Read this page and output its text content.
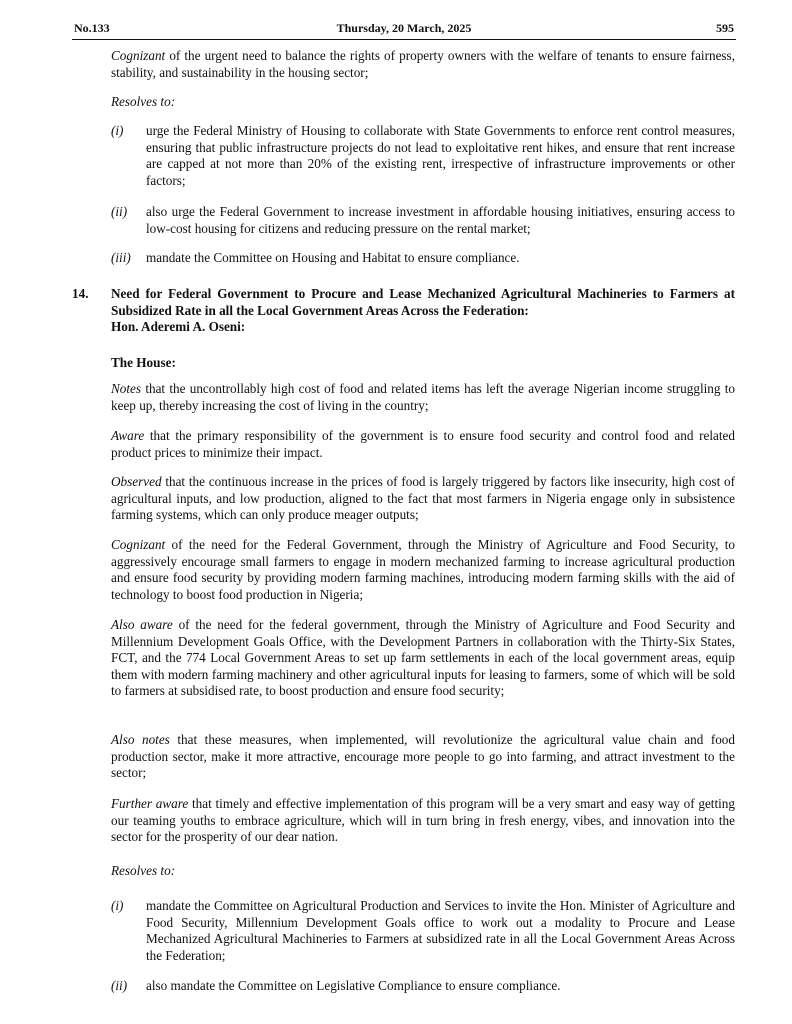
No.133	Thursday, 20 March, 2025	595
Cognizant of the urgent need to balance the rights of property owners with the welfare of tenants to ensure fairness, stability, and sustainability in the housing sector;
Resolves to:
(i) urge the Federal Ministry of Housing to collaborate with State Governments to enforce rent control measures, ensuring that public infrastructure projects do not lead to exploitative rent hikes, and ensure that rent increase are capped at not more than 20% of the existing rent, irrespective of infrastructure improvements or other factors;
(ii) also urge the Federal Government to increase investment in affordable housing initiatives, ensuring access to low-cost housing for citizens and reducing pressure on the rental market;
(iii) mandate the Committee on Housing and Habitat to ensure compliance.
14. Need for Federal Government to Procure and Lease Mechanized Agricultural Machineries to Farmers at Subsidized Rate in all the Local Government Areas Across the Federation:
Hon. Aderemi A. Oseni:
The House:
Notes that the uncontrollably high cost of food and related items has left the average Nigerian income struggling to keep up, thereby increasing the cost of living in the country;
Aware that the primary responsibility of the government is to ensure food security and control food and related product prices to minimize their impact.
Observed that the continuous increase in the prices of food is largely triggered by factors like insecurity, high cost of agricultural inputs, and low production, aligned to the fact that most farmers in Nigeria engage only in subsistence farming systems, which can only produce meager outputs;
Cognizant of the need for the Federal Government, through the Ministry of Agriculture and Food Security, to aggressively encourage small farmers to engage in modern mechanized farming to increase agricultural production and ensure food security by providing modern farming machines, introducing modern farming skills with the aid of technology to boost food production in Nigeria;
Also aware of the need for the federal government, through the Ministry of Agriculture and Food Security and Millennium Development Goals Office, with the Development Partners in collaboration with the Thirty-Six States, FCT, and the 774 Local Government Areas to set up farm settlements in each of the local government areas, equip them with modern farming machinery and other agricultural inputs for leasing to farmers, some of which will be sold to farmers at subsidised rate, to boost production and ensure food security;
Also notes that these measures, when implemented, will revolutionize the agricultural value chain and food production sector, make it more attractive, encourage more people to go into farming, and attract investment to the sector;
Further aware that timely and effective implementation of this program will be a very smart and easy way of getting our teaming youths to embrace agriculture, which will in turn bring in fresh energy, vibes, and innovation into the sector for the prosperity of our dear nation.
Resolves to:
(i) mandate the Committee on Agricultural Production and Services to invite the Hon. Minister of Agriculture and Food Security, Millennium Development Goals office to work out a modality to Procure and Lease Mechanized Agricultural Machineries to Farmers at subsidized rate in all the Local Government Areas Across the Federation;
(ii) also mandate the Committee on Legislative Compliance to ensure compliance.
